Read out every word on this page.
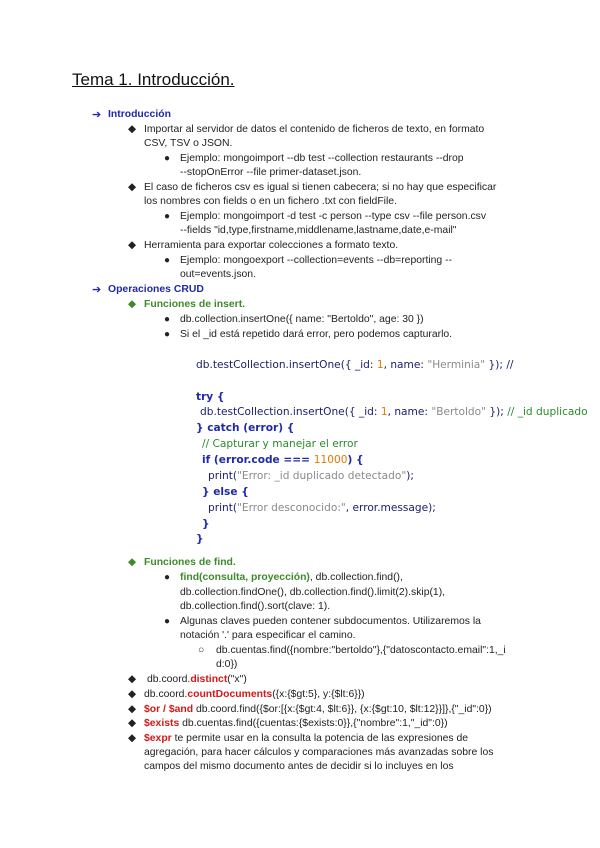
Tema 1. Introducción.
➔ Introducción
◆ Importar al servidor de datos el contenido de ficheros de texto, en formato
CSV, TSV o JSON.
● Ejemplo: mongoimport --db test --collection restaurants --drop
--stopOnError --file primer-dataset.json.
◆ El caso de ficheros csv es igual si tienen cabecera; si no hay que especificar
los nombres con fields o en un fichero .txt con fieldFile.
● Ejemplo: mongoimport -d test -c person --type csv --file person.csv
--fields "id,type,firstname,middlename,lastname,date,e-mail"
◆ Herramienta para exportar colecciones a formato texto.
● Ejemplo: mongoexport --collection=events --db=reporting --
out=events.json.
➔ Operaciones CRUD
◆ Funciones de insert.
● db.collection.insertOne({ name: "Bertoldo", age: 30 })
● Si el _id está repetido dará error, pero podemos capturarlo.
db.testCollection.insertOne({ _id: 1, name: "Herminia" }); //
try {
db.testCollection.insertOne({ _id: 1, name: "Bertoldo" }); // _id duplicado
} catch (error) {
// Capturar y manejar el error
if (error.code === 11000) {
print("Error: _id duplicado detectado");
} else {
print("Error desconocido:", error.message);
}
}
◆ Funciones de find.
● find(consulta, proyección), db.collection.find(),
db.collection.findOne(), db.collection.find().limit(2).skip(1),
db.collection.find().sort(clave: 1).
● Algunas claves pueden contener subdocumentos. Utilizaremos la
notación '.' para especificar el camino.
○ db.cuentas.find({nombre:"bertoldo"},{"datoscontacto.email":1,_i
d:0})
◆ db.coord.distinct("x")
◆ db.coord.countDocuments({x:{$gt:5}, y:{$lt:6}})
◆ $or / $and db.coord.find({$or:[{x:{$gt:4, $lt:6}}, {x:{$gt:10, $lt:12}}]},{"_id":0})
◆ $exists db.cuentas.find({cuentas:{$exists:0}},{"nombre":1,"_id":0})
◆ $expr te permite usar en la consulta la potencia de las expresiones de
agregación, para hacer cálculos y comparaciones más avanzadas sobre los
campos del mismo documento antes de decidir si lo incluyes en los
